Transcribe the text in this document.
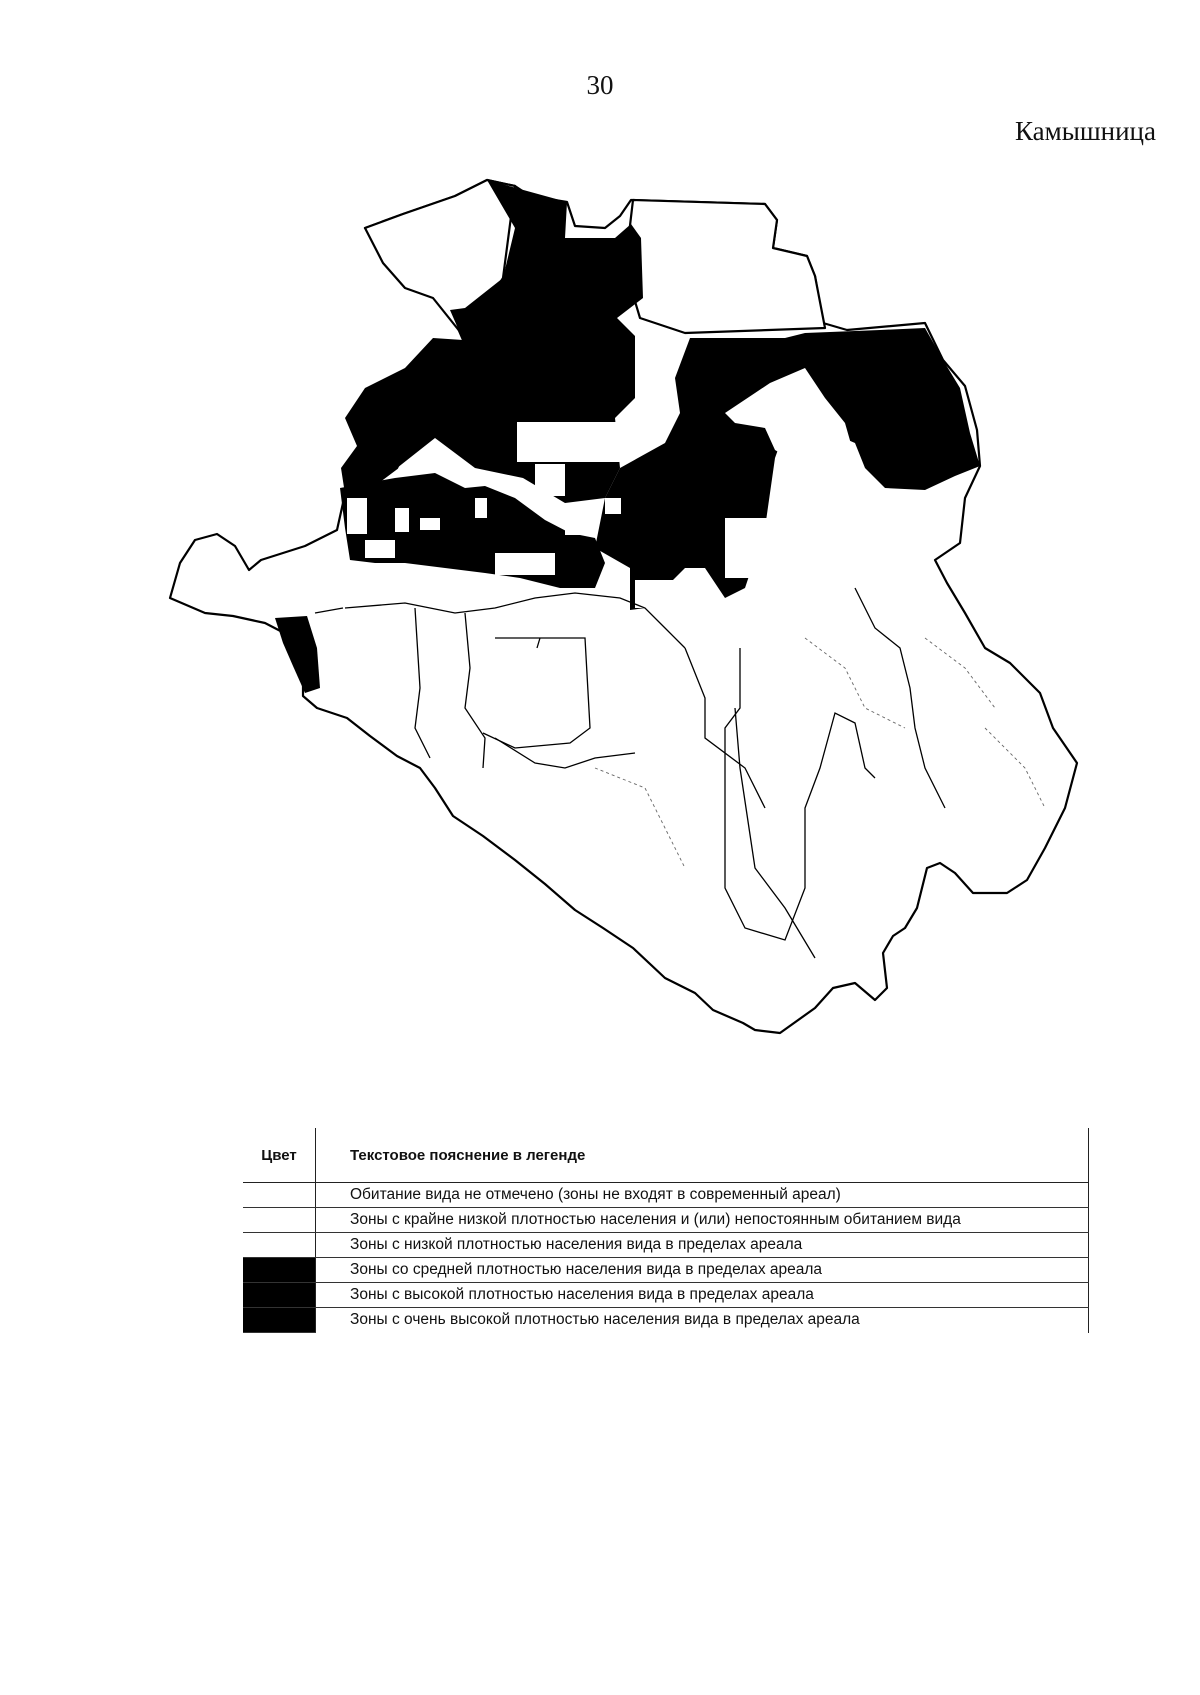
30
Камышница
Цвет	Текстовое пояснение в легенде
	Обитание вида не отмечено (зоны не входят в современный ареал)
	Зоны с крайне низкой плотностью населения и (или) непостоянным обитанием вида
	Зоны с низкой плотностью населения вида в пределах ареала
	Зоны со средней плотностью населения вида в пределах ареала
	Зоны с высокой плотностью населения вида в пределах ареала
	Зоны с очень высокой плотностью населения вида в пределах ареала
